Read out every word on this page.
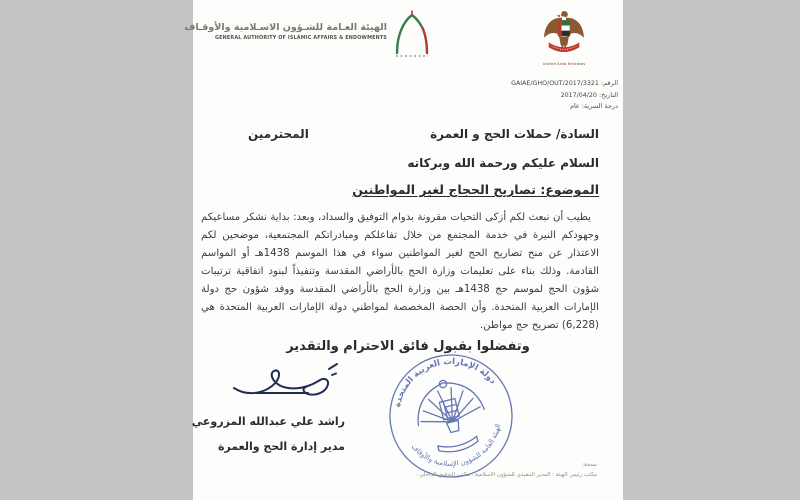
الهيئة العـامة للشـؤون الاسـلامية والأوقـاف
GENERAL AUTHORITY OF ISLAMIC AFFAIRS & ENDOWMENTS
United Arab Emirates
الرقم: GAIAE/GHO/OUT/2017/3321
التاريخ: 2017/04/20
درجة السرية: عام
السادة/ حملات الحج و العمرة
المحترمين
السلام عليكم ورحمة الله وبركاته
الموضوع: تصاريح الحجاج لغير المواطنين
يطيب أن نبعث لكم أزكى التحيات مقرونة بدوام التوفيق والسداد، وبعد: بداية نشكر مساعيكم وجهودكم النيرة في خدمة المجتمع من خلال تفاعلكم ومبادراتكم المجتمعية، موضحين لكم الاعتذار عن منح تصاريح الحج لغير المواطنين سواء في هذا الموسم 1438هـ أو المواسم القادمة. وذلك بناء على تعليمات وزارة الحج بالأراضي المقدسة وتنفيذاً لبنود اتفاقية ترتيبات شؤون الحج لموسم حج 1438هـ بين وزارة الحج بالأراضي المقدسة ووفد شؤون حج دولة الإمارات العربية المتحدة. وأن الحصة المخصصة لمواطني دولة الإمارات العربية المتحدة هي (6,228) تصريح حج مواطن.
وتفضلوا بقبول فائق الاحترام والتقدير
راشد علي عبدالله المزروعي
مدير إدارة الحج والعمرة
دولة الإمارات العربية المتحدة
الهيئة العامة للشؤون الإسلامية والأوقاف
نسخة:
مكتب رئيس الهيئة ؛ المدير التنفيذي للشؤون الاسلامية ؛ مكتب التدقيق الداخلي -
